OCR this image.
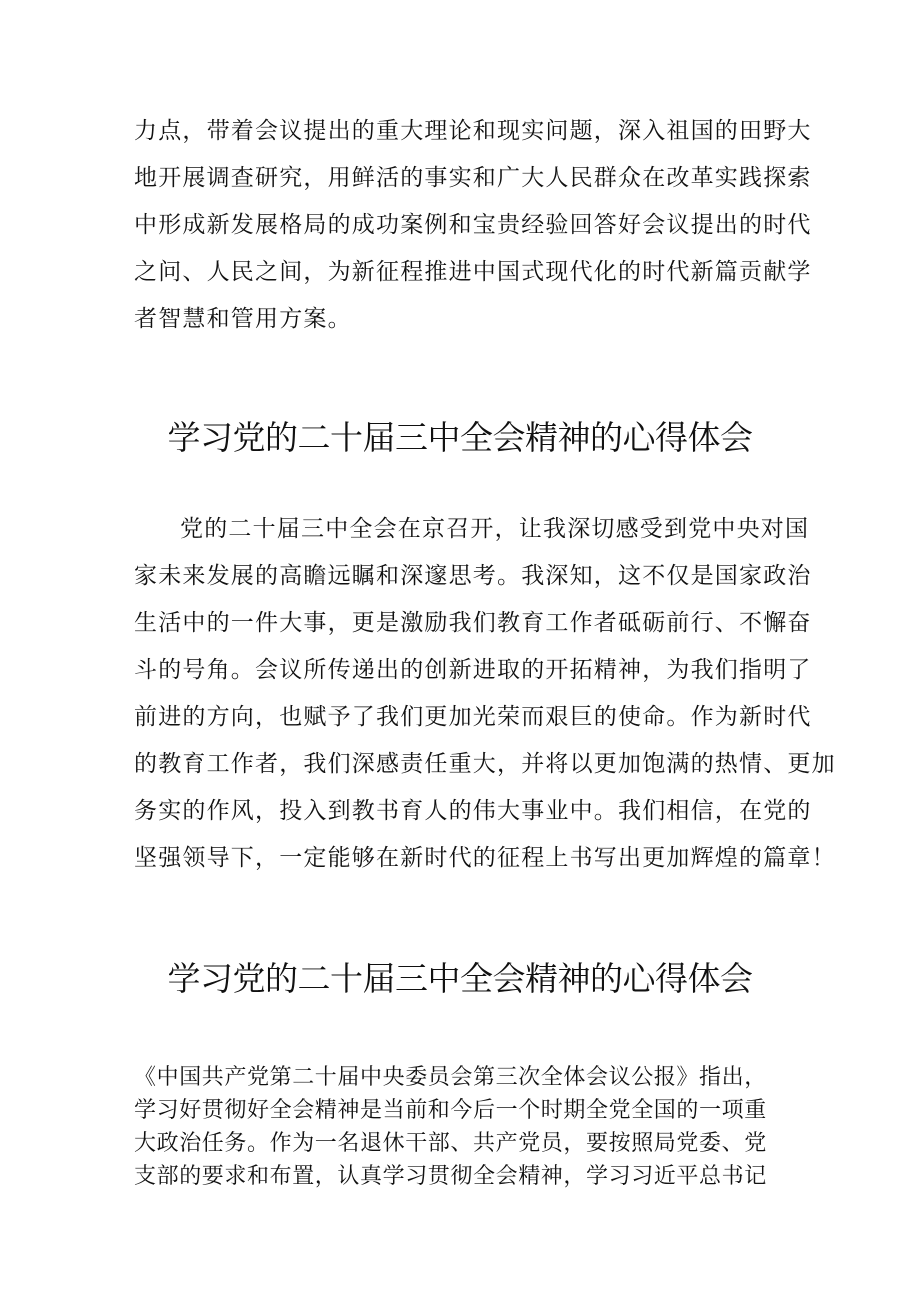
力点，带着会议提出的重大理论和现实问题，深入祖国的田野大
地开展调查研究，用鲜活的事实和广大人民群众在改革实践探索
中形成新发展格局的成功案例和宝贵经验回答好会议提出的时代
之问、人民之间，为新征程推进中国式现代化的时代新篇贡献学
者智慧和管用方案。
学习党的二十届三中全会精神的心得体会
党的二十届三中全会在京召开，让我深切感受到党中央对国
家未来发展的高瞻远瞩和深邃思考。我深知，这不仅是国家政治
生活中的一件大事，更是激励我们教育工作者砥砺前行、不懈奋
斗的号角。会议所传递出的创新进取的开拓精神，为我们指明了
前进的方向，也赋予了我们更加光荣而艰巨的使命。作为新时代
的教育工作者，我们深感责任重大，并将以更加饱满的热情、更加
务实的作风，投入到教书育人的伟大事业中。我们相信，在党的
坚强领导下，一定能够在新时代的征程上书写出更加辉煌的篇章！
学习党的二十届三中全会精神的心得体会
《中国共产党第二十届中央委员会第三次全体会议公报》指出，
学习好贯彻好全会精神是当前和今后一个时期全党全国的一项重
大政治任务。作为一名退休干部、共产党员，要按照局党委、党
支部的要求和布置，认真学习贯彻全会精神，学习习近平总书记
